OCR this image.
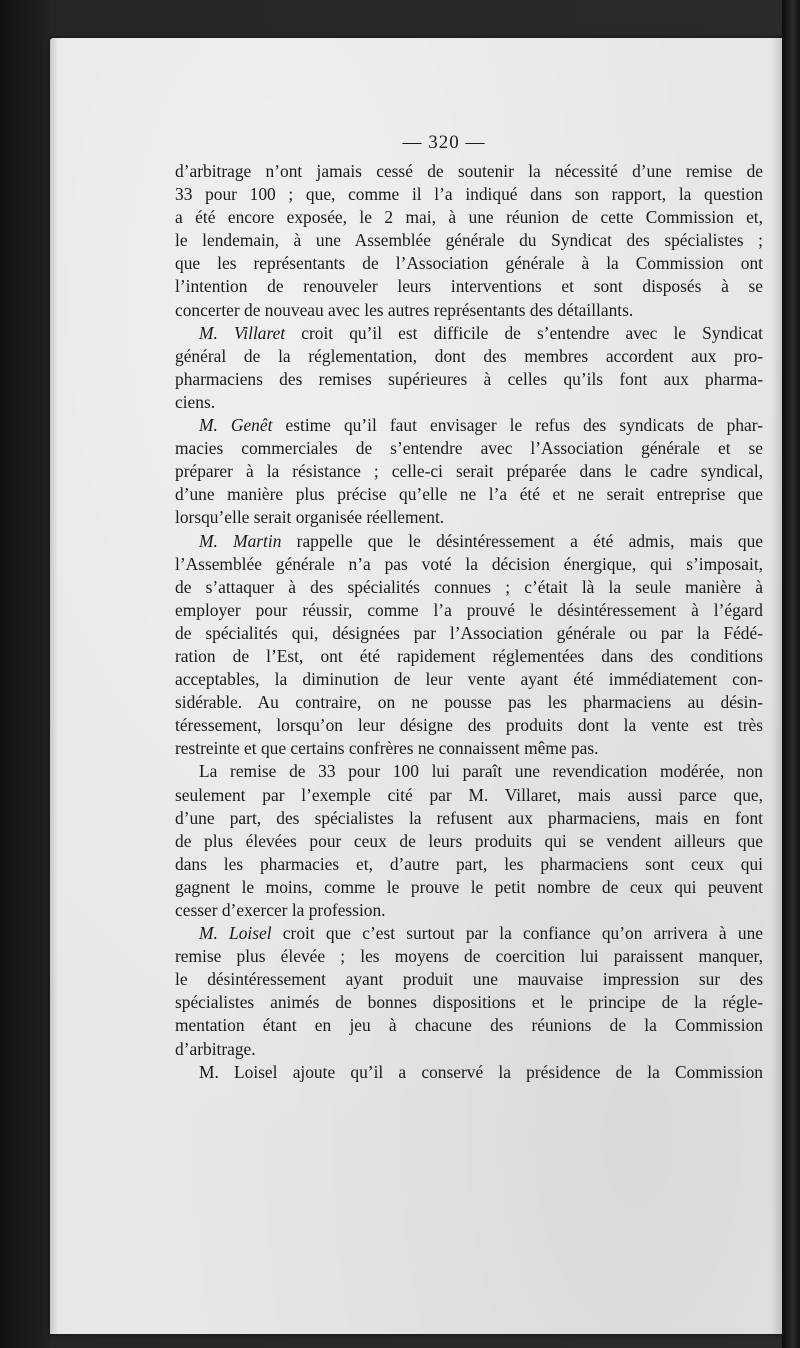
— 320 —

d’arbitrage n’ont jamais cessé de soutenir la nécessité d’une remise de
33 pour 100 ; que, comme il l’a indiqué dans son rapport, la question
a été encore exposée, le 2 mai, à une réunion de cette Commission et,
le lendemain, à une Assemblée générale du Syndicat des spécialistes ;
que les représentants de l’Association générale à la Commission ont
l’intention de renouveler leurs interventions et sont disposés à se
concerter de nouveau avec les autres représentants des détaillants.

M. Villaret croit qu’il est difficile de s’entendre avec le Syndicat
général de la réglementation, dont des membres accordent aux pro-
pharmaciens des remises supérieures à celles qu’ils font aux pharma-
ciens.

M. Genêt estime qu’il faut envisager le refus des syndicats de phar-
macies commerciales de s’entendre avec l’Association générale et se
préparer à la résistance ; celle-ci serait préparée dans le cadre syndical,
d’une manière plus précise qu’elle ne l’a été et ne serait entreprise que
lorsqu’elle serait organisée réellement.

M. Martin rappelle que le désintéressement a été admis, mais que
l’Assemblée générale n’a pas voté la décision énergique, qui s’imposait,
de s’attaquer à des spécialités connues ; c’était là la seule manière à
employer pour réussir, comme l’a prouvé le désintéressement à l’égard
de spécialités qui, désignées par l’Association générale ou par la Fédé-
ration de l’Est, ont été rapidement réglementées dans des conditions
acceptables, la diminution de leur vente ayant été immédiatement con-
sidérable. Au contraire, on ne pousse pas les pharmaciens au désin-
téressement, lorsqu’on leur désigne des produits dont la vente est très
restreinte et que certains confrères ne connaissent même pas.

La remise de 33 pour 100 lui paraît une revendication modérée, non
seulement par l’exemple cité par M. Villaret, mais aussi parce que,
d’une part, des spécialistes la refusent aux pharmaciens, mais en font
de plus élevées pour ceux de leurs produits qui se vendent ailleurs que
dans les pharmacies et, d’autre part, les pharmaciens sont ceux qui
gagnent le moins, comme le prouve le petit nombre de ceux qui peuvent
cesser d’exercer la profession.

M. Loisel croit que c’est surtout par la confiance qu’on arrivera à une
remise plus élevée ; les moyens de coercition lui paraissent manquer,
le désintéressement ayant produit une mauvaise impression sur des
spécialistes animés de bonnes dispositions et le principe de la régle-
mentation étant en jeu à chacune des réunions de la Commission
d’arbitrage.

M. Loisel ajoute qu’il a conservé la présidence de la Commission
